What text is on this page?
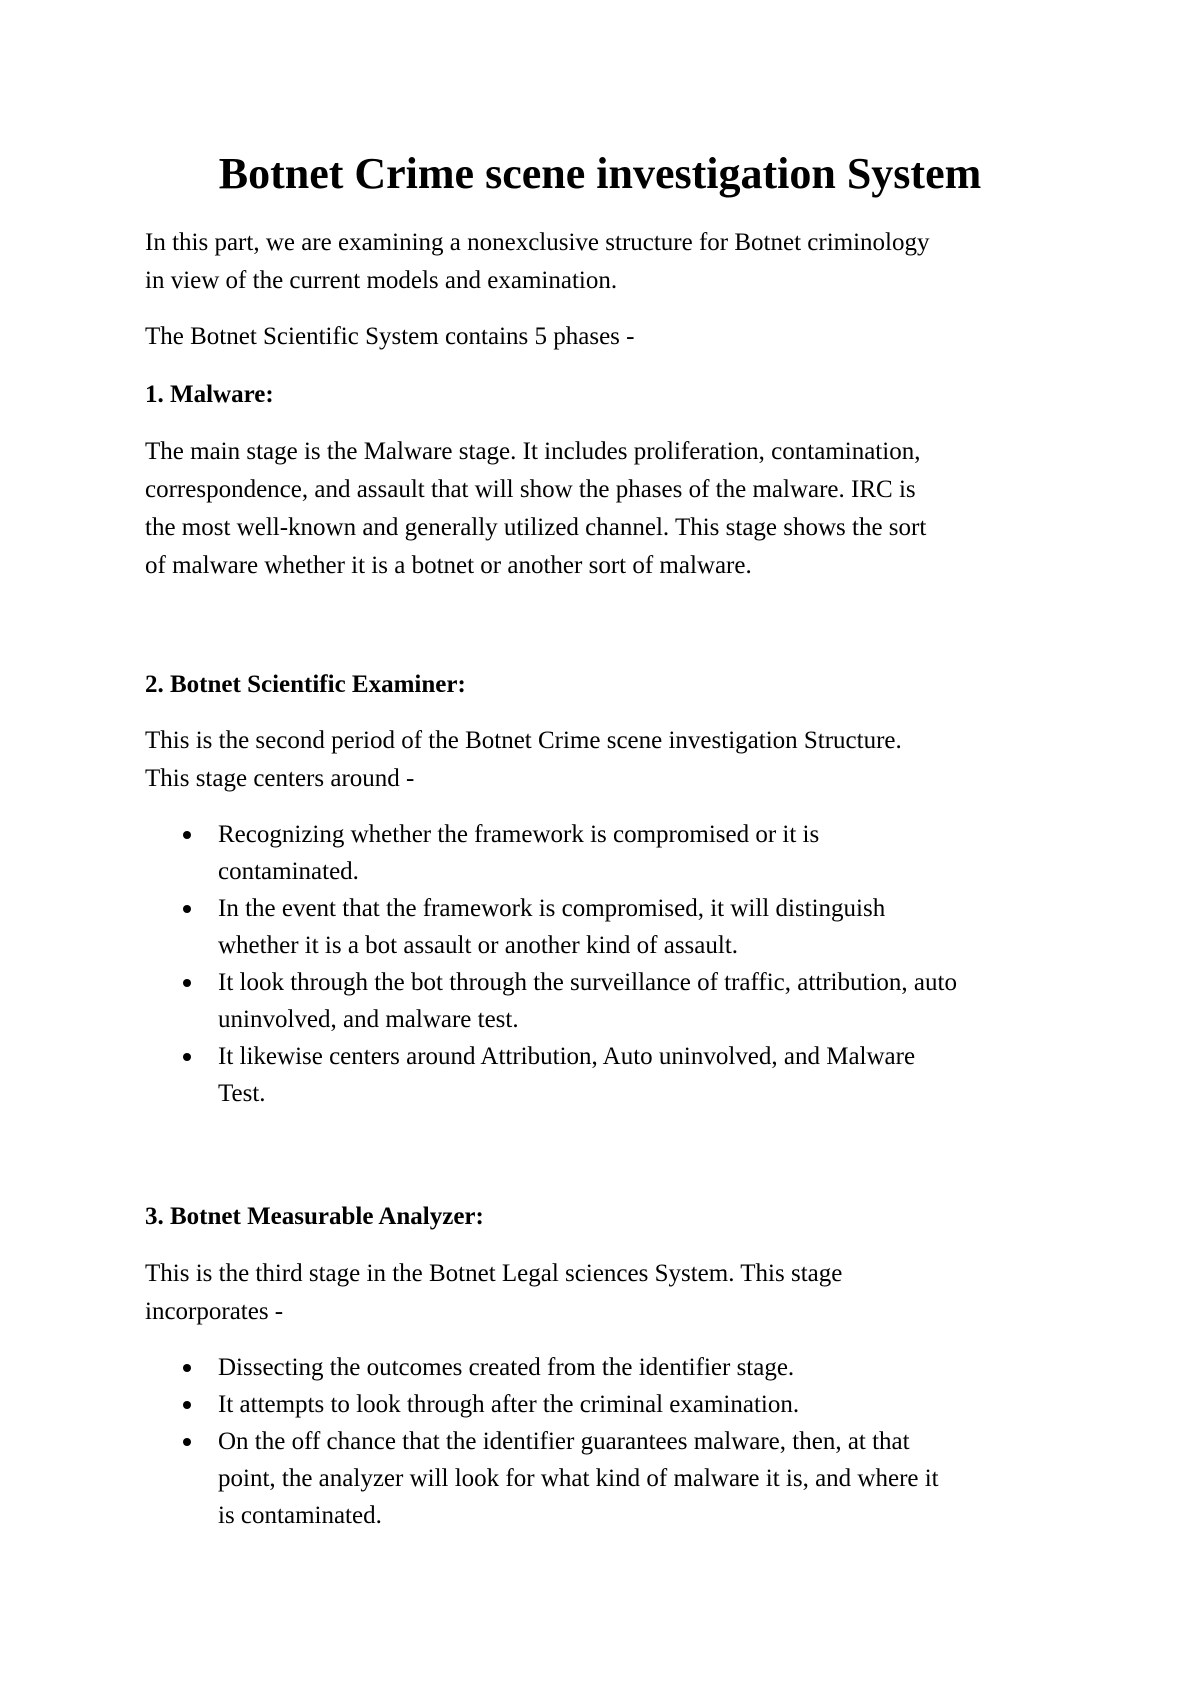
Botnet Crime scene investigation System

In this part, we are examining a nonexclusive structure for Botnet criminology
in view of the current models and examination.

The Botnet Scientific System contains 5 phases -

1. Malware:

The main stage is the Malware stage. It includes proliferation, contamination,
correspondence, and assault that will show the phases of the malware. IRC is
the most well-known and generally utilized channel. This stage shows the sort
of malware whether it is a botnet or another sort of malware.

2. Botnet Scientific Examiner:

This is the second period of the Botnet Crime scene investigation Structure.
This stage centers around -

Recognizing whether the framework is compromised or it is
contaminated.
In the event that the framework is compromised, it will distinguish
whether it is a bot assault or another kind of assault.
It look through the bot through the surveillance of traffic, attribution, auto
uninvolved, and malware test.
It likewise centers around Attribution, Auto uninvolved, and Malware
Test.

3. Botnet Measurable Analyzer:

This is the third stage in the Botnet Legal sciences System. This stage
incorporates -

Dissecting the outcomes created from the identifier stage.
It attempts to look through after the criminal examination.
On the off chance that the identifier guarantees malware, then, at that
point, the analyzer will look for what kind of malware it is, and where it
is contaminated.
